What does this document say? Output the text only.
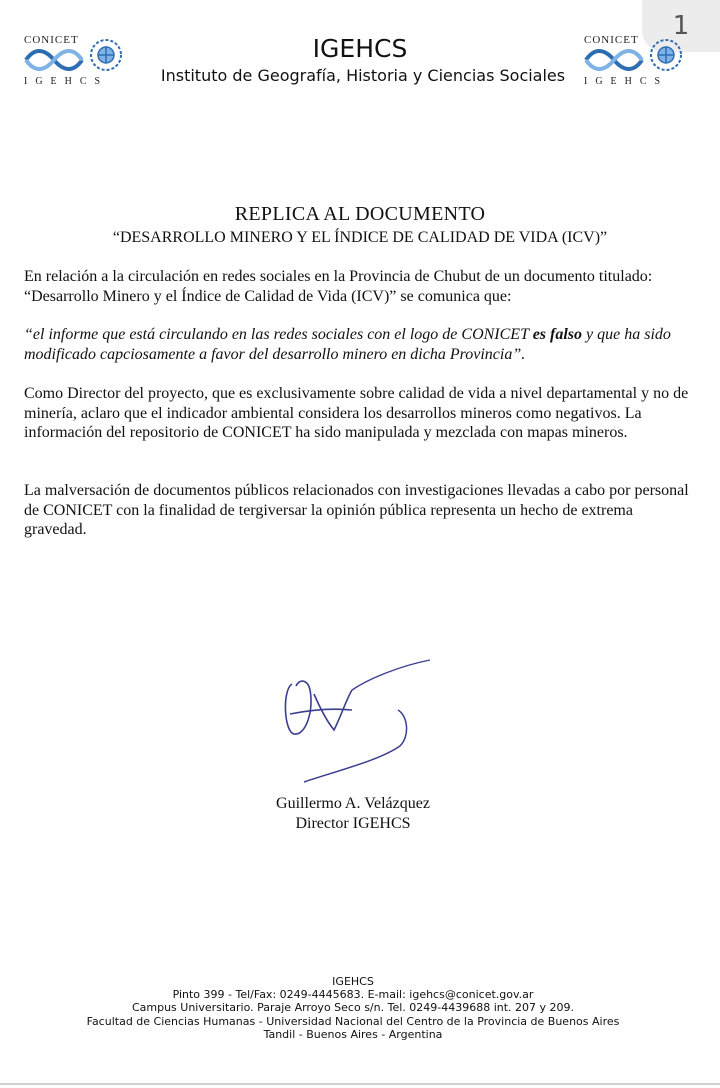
1
CONICET
IGEHCS
CONICET
IGEHCS
IGEHCS
Instituto de Geografía, Historia y Ciencias Sociales
REPLICA AL DOCUMENTO
“DESARROLLO MINERO Y EL ÍNDICE DE CALIDAD DE VIDA (ICV)”

En relación a la circulación en redes sociales en la Provincia de Chubut de un documento titulado: “Desarrollo Minero y el Índice de Calidad de Vida (ICV)” se comunica que:

“el informe que está circulando en las redes sociales con el logo de CONICET es falso y que ha sido modificado capciosamente a favor del desarrollo minero en dicha Provincia”.

Como Director del proyecto, que es exclusivamente sobre calidad de vida a nivel departamental y no de minería, aclaro que el indicador ambiental considera los desarrollos mineros como negativos. La información del repositorio de CONICET ha sido manipulada y mezclada con mapas mineros.

La malversación de documentos públicos relacionados con investigaciones llevadas a cabo por personal de CONICET con la finalidad de tergiversar la opinión pública representa un hecho de extrema gravedad.

Guillermo A. Velázquez
Director IGEHCS
IGEHCS
Pinto 399 - Tel/Fax: 0249-4445683. E-mail: igehcs@conicet.gov.ar
Campus Universitario. Paraje Arroyo Seco s/n. Tel. 0249-4439688 int. 207 y 209.
Facultad de Ciencias Humanas - Universidad Nacional del Centro de la Provincia de Buenos Aires
Tandil - Buenos Aires - Argentina
